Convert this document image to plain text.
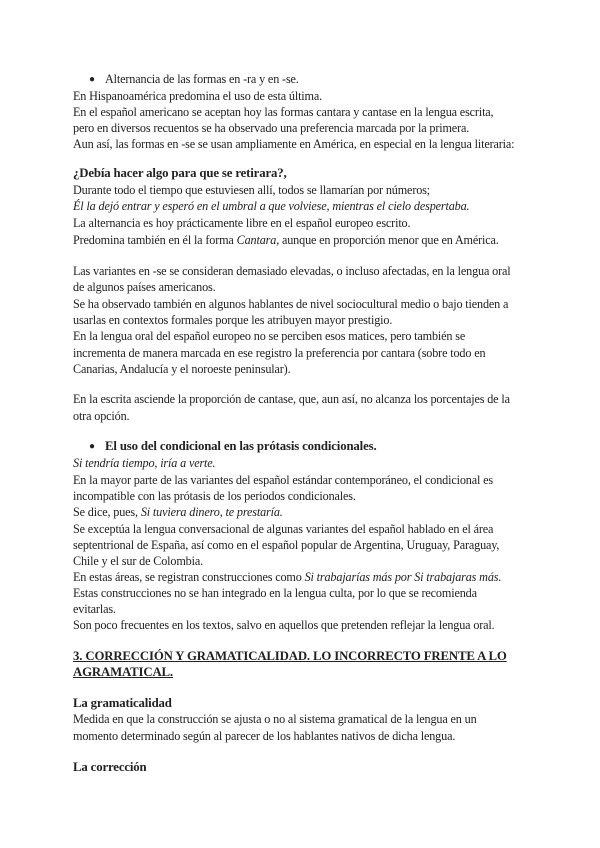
● Alternancia de las formas en -ra y en -se.
En Hispanoamérica predomina el uso de esta última.
En el español americano se aceptan hoy las formas cantara y cantase en la lengua escrita,
pero en diversos recuentos se ha observado una preferencia marcada por la primera.
Aun así, las formas en -se se usan ampliamente en América, en especial en la lengua literaria:
¿Debía hacer algo para que se retirara?,
Durante todo el tiempo que estuviesen allí, todos se llamarían por números;
Él la dejó entrar y esperó en el umbral a que volviese, mientras el cielo despertaba.
La alternancia es hoy prácticamente libre en el español europeo escrito.
Predomina también en él la forma Cantara, aunque en proporción menor que en América.
Las variantes en -se se consideran demasiado elevadas, o incluso afectadas, en la lengua oral
de algunos países americanos.
Se ha observado también en algunos hablantes de nivel sociocultural medio o bajo tienden a
usarlas en contextos formales porque les atribuyen mayor prestigio.
En la lengua oral del español europeo no se perciben esos matices, pero también se
incrementa de manera marcada en ese registro la preferencia por cantara (sobre todo en
Canarias, Andalucía y el noroeste peninsular).
En la escrita asciende la proporción de cantase, que, aun así, no alcanza los porcentajes de la
otra opción.
● El uso del condicional en las prótasis condicionales.
Si tendría tiempo, iría a verte.
En la mayor parte de las variantes del español estándar contemporáneo, el condicional es
incompatible con las prótasis de los periodos condicionales.
Se dice, pues, Si tuviera dinero, te prestaría.
Se exceptúa la lengua conversacional de algunas variantes del español hablado en el área
septentrional de España, así como en el español popular de Argentina, Uruguay, Paraguay,
Chile y el sur de Colombia.
En estas áreas, se registran construcciones como Si trabajarías más por Si trabajaras más.
Estas construcciones no se han integrado en la lengua culta, por lo que se recomienda
evitarlas.
Son poco frecuentes en los textos, salvo en aquellos que pretenden reflejar la lengua oral.
3. CORRECCIÓN Y GRAMATICALIDAD. LO INCORRECTO FRENTE A LO
AGRAMATICAL.
La gramaticalidad
Medida en que la construcción se ajusta o no al sistema gramatical de la lengua en un
momento determinado según al parecer de los hablantes nativos de dicha lengua.
La corrección
